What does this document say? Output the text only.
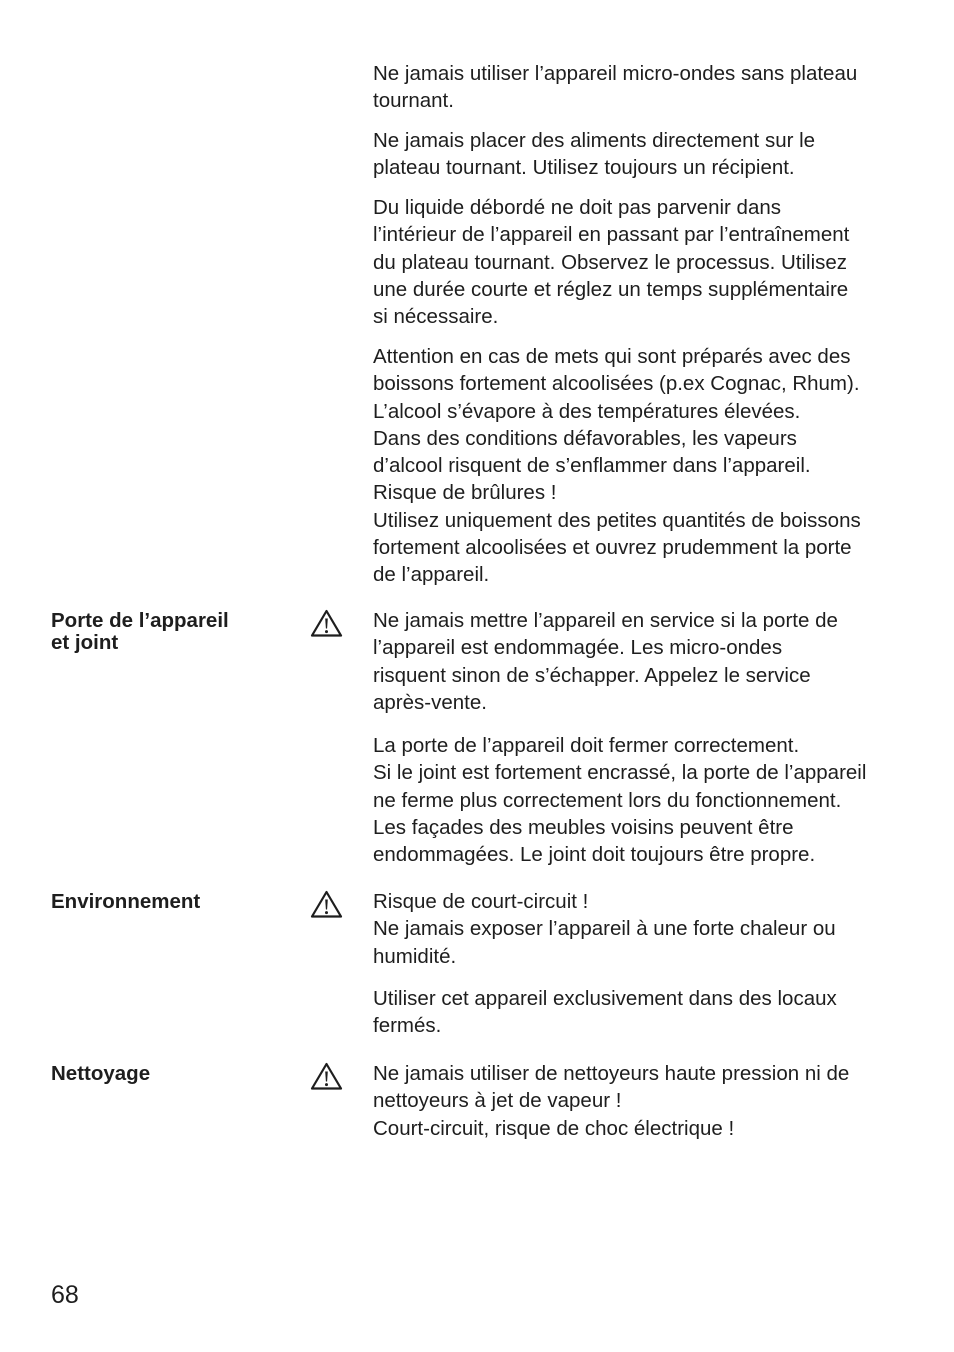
Ne jamais utiliser l’appareil micro-ondes sans plateau
tournant.

Ne jamais placer des aliments directement sur le
plateau tournant. Utilisez toujours un récipient.

Du liquide débordé ne doit pas parvenir dans
l’intérieur de l’appareil en passant par l’entraînement
du plateau tournant. Observez le processus. Utilisez
une durée courte et réglez un temps supplémentaire
si nécessaire.

Attention en cas de mets qui sont préparés avec des
boissons fortement alcoolisées (p.ex Cognac, Rhum).
L’alcool s’évapore à des températures élevées.
Dans des conditions défavorables, les vapeurs
d’alcool risquent de s’enflammer dans l’appareil.
Risque de brûlures !
Utilisez uniquement des petites quantités de boissons
fortement alcoolisées et ouvrez prudemment la porte
de l’appareil.

Porte de l’appareil
et joint

Ne jamais mettre l’appareil en service si la porte de
l’appareil est endommagée. Les micro-ondes
risquent sinon de s’échapper. Appelez le service
après-vente.

La porte de l’appareil doit fermer correctement.
Si le joint est fortement encrassé, la porte de l’appareil
ne ferme plus correctement lors du fonctionnement.
Les façades des meubles voisins peuvent être
endommagées. Le joint doit toujours être propre.

Environnement	Risque de court-circuit !
Ne jamais exposer l’appareil à une forte chaleur ou
humidité.

Utiliser cet appareil exclusivement dans des locaux
fermés.

Nettoyage	Ne jamais utiliser de nettoyeurs haute pression ni de
nettoyeurs à jet de vapeur !
Court-circuit, risque de choc électrique !

68
